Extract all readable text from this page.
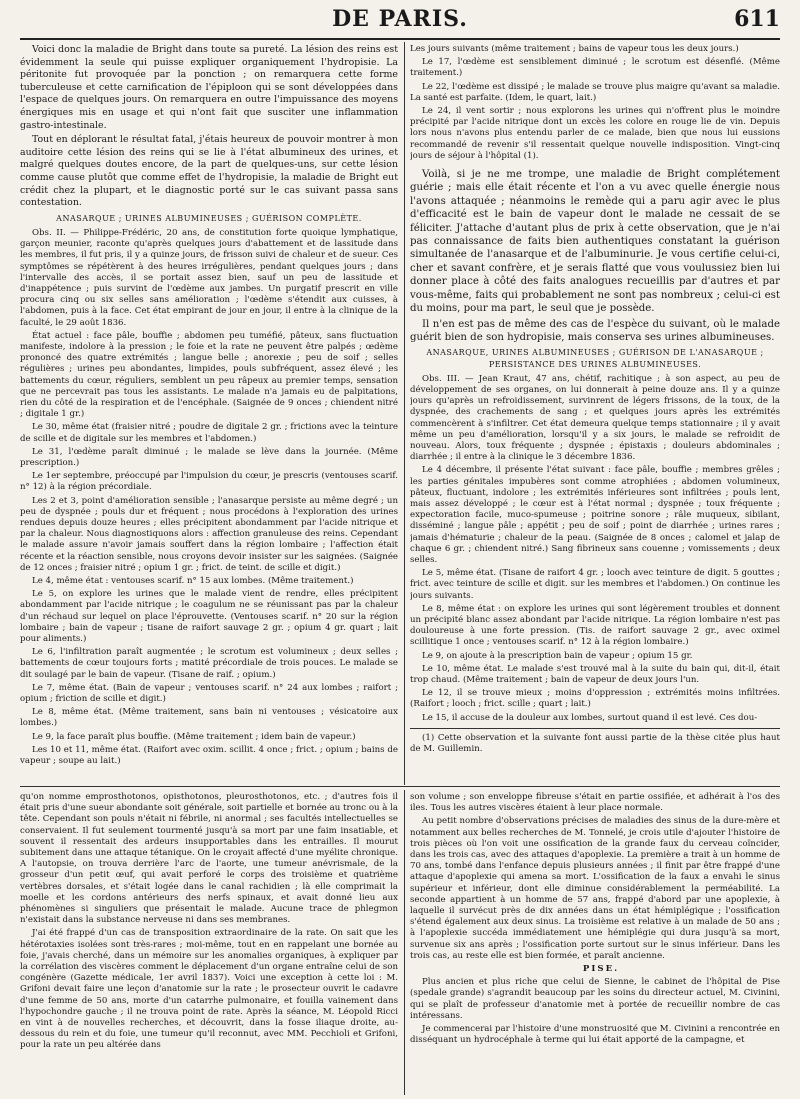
DE PARIS.	611

Voici donc la maladie de Bright dans toute sa pureté. La lésion des reins est évidemment la seule qui puisse expliquer organiquement l'hydropisie. La péritonite fut provoquée par la ponction ; on remarquera cette forme tuberculeuse et cette carnification de l'épiploon qui se sont développées dans l'espace de quelques jours. On remarquera en outre l'impuissance des moyens énergiques mis en usage et qui n'ont fait que susciter une inflammation gastro-intestinale.

Tout en déplorant le résultat fatal, j'étais heureux de pouvoir montrer à mon auditoire cette lésion des reins qui se lie à l'état albumineux des urines, et malgré quelques doutes encore, de la part de quelques-uns, sur cette lésion comme cause plutôt que comme effet de l'hydropisie, la maladie de Bright eut crédit chez la plupart, et le diagnostic porté sur le cas suivant passa sans contestation.

ANASARQUE ; URINES ALBUMINEUSES ; GUÉRISON COMPLÈTE.

Obs. II. — Philippe-Frédéric, 20 ans, de constitution forte quoique lymphatique, garçon meunier, raconte qu'après quelques jours d'abattement et de lassitude dans les membres, il fut pris, il y a quinze jours, de frisson suivi de chaleur et de sueur. Ces symptômes se répétèrent à des heures irrégulières, pendant quelques jours ; dans l'intervalle des accès, il se portait assez bien, sauf un peu de lassitude et d'inappétence ; puis survint de l'œdème aux jambes. Un purgatif prescrit en ville procura cinq ou six selles sans amélioration ; l'œdème s'étendit aux cuisses, à l'abdomen, puis à la face. Cet état empirant de jour en jour, il entre à la clinique de la faculté, le 29 août 1836.

État actuel : face pâle, bouffie ; abdomen peu tuméfié, pâteux, sans fluctuation manifeste, indolore à la pression ; le foie et la rate ne peuvent être palpés ; œdème prononcé des quatre extrémités ; langue belle ; anorexie ; peu de soif ; selles régulières ; urines peu abondantes, limpides, pouls subfréquent, assez élevé ; les battements du cœur, réguliers, semblent un peu râpeux au premier temps, sensation que ne percevrait pas tous les assistants. Le malade n'a jamais eu de palpitations, rien du côté de la respiration et de l'encéphale. (Saignée de 9 onces ; chiendent nitré ; digitale 1 gr.)

Le 30, même état (fraisier nitré ; poudre de digitale 2 gr. ; frictions avec la teinture de scille et de digitale sur les membres et l'abdomen.)

Le 31, l'œdème paraît diminué ; le malade se lève dans la journée. (Même prescription.)

Le 1er septembre, préoccupé par l'impulsion du cœur, je prescris (ventouses scarif. n° 12) à la région précordiale.

Les 2 et 3, point d'amélioration sensible ; l'anasarque persiste au même degré ; un peu de dyspnée ; pouls dur et fréquent ; nous procédons à l'exploration des urines rendues depuis douze heures ; elles précipitent abondamment par l'acide nitrique et par la chaleur. Nous diagnostiquons alors : affection granuleuse des reins. Cependant le malade assure n'avoir jamais souffert dans la région lombaire ; l'affection était récente et la réaction sensible, nous croyons devoir insister sur les saignées. (Saignée de 12 onces ; fraisier nitré ; opium 1 gr. ; frict. de teint. de scille et digit.)

Le 4, même état : ventouses scarif. n° 15 aux lombes. (Même traitement.)

Le 5, on explore les urines que le malade vient de rendre, elles précipitent abondamment par l'acide nitrique ; le coagulum ne se réunissant pas par la chaleur d'un réchaud sur lequel on place l'éprouvette. (Ventouses scarif. n° 20 sur la région lombaire ; bain de vapeur ; tisane de raifort sauvage 2 gr. ; opium 4 gr. quart ; lait pour aliments.)

Le 6, l'infiltration paraît augmentée ; le scrotum est volumineux ; deux selles ; battements de cœur toujours forts ; matité précordiale de trois pouces. Le malade se dit soulagé par le bain de vapeur. (Tisane de raif. ; opium.)

Le 7, même état. (Bain de vapeur ; ventouses scarif. n° 24 aux lombes ; raifort ; opium ; friction de scille et digit.)

Le 8, même état. (Même traitement, sans bain ni ventouses ; vésicatoire aux lombes.)

Le 9, la face paraît plus bouffie. (Même traitement ; idem bain de vapeur.)

Les 10 et 11, même état. (Raifort avec oxim. scillit. 4 once ; frict. ; opium ; bains de vapeur ; soupe au lait.)

Les jours suivants (même traitement ; bains de vapeur tous les deux jours.)

Le 17, l'œdème est sensiblement diminué ; le scrotum est désenflé. (Même traitement.)

Le 22, l'œdème est dissipé ; le malade se trouve plus maigre qu'avant sa maladie. La santé est parfaite. (Idem, le quart, lait.)

Le 24, il vent sortir ; nous explorons les urines qui n'offrent plus le moindre précipité par l'acide nitrique dont un excès les colore en rouge lie de vin. Depuis lors nous n'avons plus entendu parler de ce malade, bien que nous lui eussions recommandé de revenir s'il ressentait quelque nouvelle indisposition. Vingt-cinq jours de séjour à l'hôpital (1).

Voilà, si je ne me trompe, une maladie de Bright complétement guérie ; mais elle était récente et l'on a vu avec quelle énergie nous l'avons attaquée ; néanmoins le remède qui a paru agir avec le plus d'efficacité est le bain de vapeur dont le malade ne cessait de se féliciter. J'attache d'autant plus de prix à cette observation, que je n'ai pas connaissance de faits bien authentiques constatant la guérison simultanée de l'anasarque et de l'albuminurie. Je vous certifie celui-ci, cher et savant confrère, et je serais flatté que vous voulussiez bien lui donner place à côté des faits analogues recueillis par d'autres et par vous-même, faits qui probablement ne sont pas nombreux ; celui-ci est du moins, pour ma part, le seul que je possède.

Il n'en est pas de même des cas de l'espèce du suivant, où le malade guérit bien de son hydropisie, mais conserva ses urines albumineuses.

ANASARQUE, URINES ALBUMINEUSES ; GUÉRISON DE L'ANASARQUE ; PERSISTANCE DES URINES ALBUMINEUSES.

Obs. III. — Jean Kraut, 47 ans, chétif, rachitique ; à son aspect, au peu de développement de ses organes, on lui donnerait à peine douze ans. Il y a quinze jours qu'après un refroidissement, survinrent de légers frissons, de la toux, de la dyspnée, des crachements de sang ; et quelques jours après les extrémités commencèrent à s'infiltrer. Cet état demeura quelque temps stationnaire ; il y avait même un peu d'amélioration, lorsqu'il y a six jours, le malade se refroidit de nouveau. Alors, toux fréquente ; dyspnée ; épistaxis ; douleurs abdominales ; diarrhée ; il entre à la clinique le 3 décembre 1836.

Le 4 décembre, il présente l'état suivant : face pâle, bouffie ; membres grêles ; les parties génitales impubères sont comme atrophiées ; abdomen volumineux, pâteux, fluctuant, indolore ; les extrémités inférieures sont infiltrées ; pouls lent, mais assez développé ; le cœur est à l'état normal ; dyspnée ; toux fréquente ; expectoration facile, muco-spumeuse ; poitrine sonore ; râle muqueux, sibilant, disséminé ; langue pâle ; appétit ; peu de soif ; point de diarrhée ; urines rares ; jamais d'hématurie ; chaleur de la peau. (Saignée de 8 onces ; calomel et jalap de chaque 6 gr. ; chiendent nitré.) Sang fibrineux sans couenne ; vomissements ; deux selles.

Le 5, même état. (Tisane de raifort 4 gr. ; looch avec teinture de digit. 5 gouttes ; frict. avec teinture de scille et digit. sur les membres et l'abdomen.) On continue les jours suivants.

Le 8, même état : on explore les urines qui sont légèrement troubles et donnent un précipité blanc assez abondant par l'acide nitrique. La région lombaire n'est pas douloureuse à une forte pression. (Tis. de raifort sauvage 2 gr., avec oximel scillitique 1 once ; ventouses scarif. n° 12 à la région lombaire.)

Le 9, on ajoute à la prescription bain de vapeur ; opium 15 gr.

Le 10, même état. Le malade s'est trouvé mal à la suite du bain qui, dit-il, était trop chaud. (Même traitement ; bain de vapeur de deux jours l'un.

Le 12, il se trouve mieux ; moins d'oppression ; extrémités moins infiltrées. (Raifort ; looch ; frict. scille ; quart ; lait.)

Le 15, il accuse de la douleur aux lombes, surtout quand il est levé. Ces dou-

(1) Cette observation et la suivante font aussi partie de la thèse citée plus haut de M. Guillemin.

qu'on nomme emprosthotonos, opisthotonos, pleurosthotonos, etc. ; d'autres fois il était pris d'une sueur abondante soit générale, soit partielle et bornée au tronc ou à la tête. Cependant son pouls n'était ni fébrile, ni anormal ; ses facultés intellectuelles se conservaient. Il fut seulement tourmenté jusqu'à sa mort par une faim insatiable, et souvent il ressentait des ardeurs insupportables dans les entrailles. Il mourut subitement dans une attaque tétanique. On le croyait affecté d'une myélite chronique. A l'autopsie, on trouva derrière l'arc de l'aorte, une tumeur anévrismale, de la grosseur d'un petit œuf, qui avait perforé le corps des troisième et quatrième vertèbres dorsales, et s'était logée dans le canal rachidien ; là elle comprimait la moelle et les cordons antérieurs des nerfs spinaux, et avait donné lieu aux phénomènes si singuliers que présentait le malade. Aucune trace de phlegmon n'existait dans la substance nerveuse ni dans ses membranes.

J'ai été frappé d'un cas de transposition extraordinaire de la rate. On sait que les hétérotaxies isolées sont très-rares ; moi-même, tout en en rappelant une bornée au foie, j'avais cherché, dans un mémoire sur les anomalies organiques, à expliquer par la corrélation des viscères comment le déplacement d'un organe entraîne celui de son congénère (Gazette médicale, 1er avril 1837). Voici une exception à cette loi : M. Grifoni devait faire une leçon d'anatomie sur la rate ; le prosecteur ouvrit le cadavre d'une femme de 50 ans, morte d'un catarrhe pulmonaire, et fouilla vainement dans l'hypochondre gauche ; il ne trouva point de rate. Après la séance, M. Léopold Ricci en vint à de nouvelles recherches, et découvrit, dans la fosse iliaque droite, au-dessous du rein et du foie, une tumeur qu'il reconnut, avec MM. Pecchioli et Grifoni, pour la rate un peu altérée dans

son volume ; son enveloppe fibreuse s'était en partie ossifiée, et adhérait à l'os des iles. Tous les autres viscères étaient à leur place normale.

Au petit nombre d'observations précises de maladies des sinus de la dure-mère et notamment aux belles recherches de M. Tonnelé, je crois utile d'ajouter l'histoire de trois pièces où l'on voit une ossification de la grande faux du cerveau coïncider, dans les trois cas, avec des attaques d'apoplexie. La première a trait à un homme de 70 ans, tombé dans l'enfance depuis plusieurs années ; il finit par être frappé d'une attaque d'apoplexie qui amena sa mort. L'ossification de la faux a envahi le sinus supérieur et inférieur, dont elle diminue considérablement la perméabilité. La seconde appartient à un homme de 57 ans, frappé d'abord par une apoplexie, à laquelle il survécut près de dix années dans un état hémiplégique ; l'ossification s'étend également aux deux sinus. La troisième est relative à un malade de 50 ans ; à l'apoplexie succéda immédiatement une hémiplégie qui dura jusqu'à sa mort, survenue six ans après ; l'ossification porte surtout sur le sinus inférieur. Dans les trois cas, au reste elle est bien formée, et paraît ancienne.

PISE.

Plus ancien et plus riche que celui de Sienne, le cabinet de l'hôpital de Pise (spedale grande) s'agrandit beaucoup par les soins du directeur actuel, M. Civinini, qui se plaît de professeur d'anatomie met à portée de recueillir nombre de cas intéressans.

Je commencerai par l'histoire d'une monstruosité que M. Civinini a rencontrée en disséquant un hydrocéphale à terme qui lui était apporté de la campagne, et
